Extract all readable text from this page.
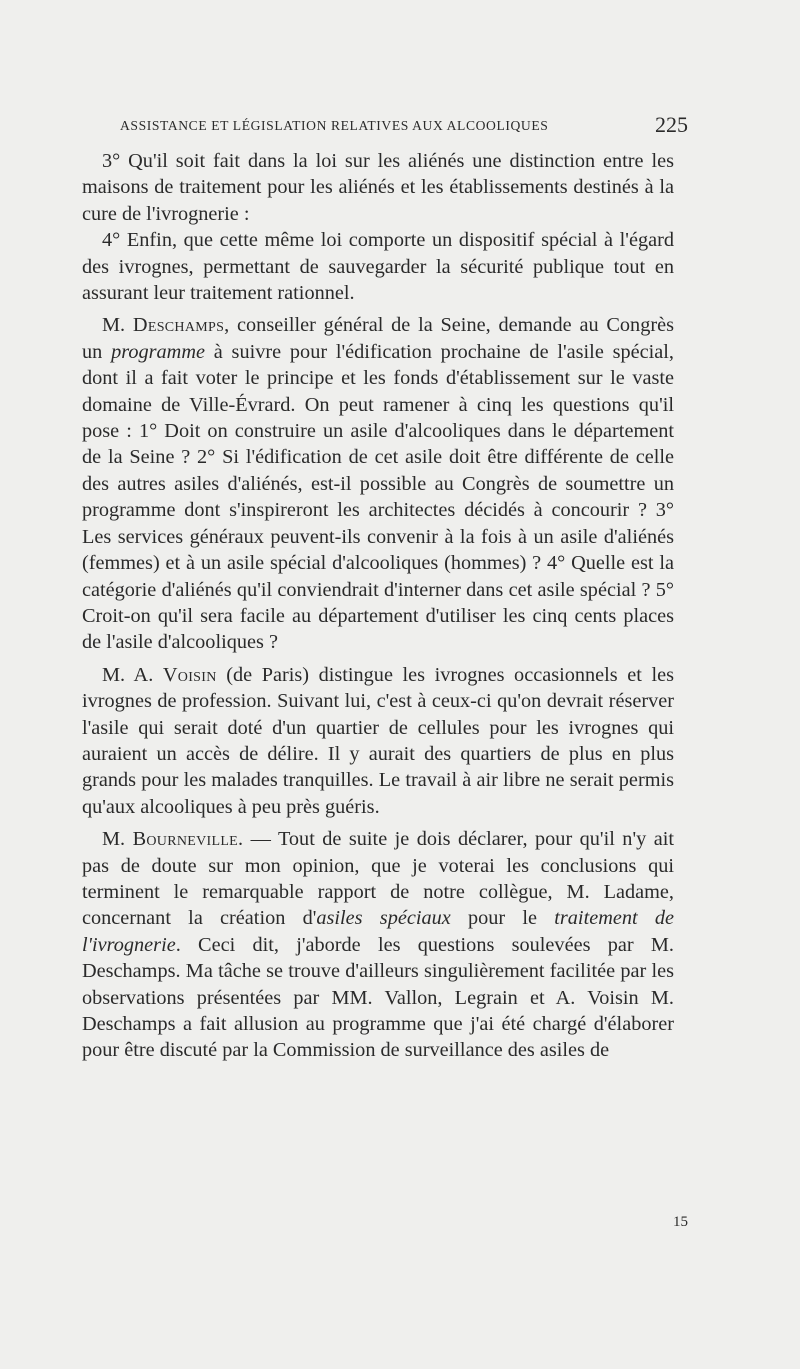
ASSISTANCE ET LÉGISLATION RELATIVES AUX ALCOOLIQUES	225

3° Qu'il soit fait dans la loi sur les aliénés une distinction entre les maisons de traitement pour les aliénés et les établissements destinés à la cure de l'ivrognerie :

4° Enfin, que cette même loi comporte un dispositif spécial à l'égard des ivrognes, permettant de sauvegarder la sécurité publique tout en assurant leur traitement rationnel.

M. Deschamps, conseiller général de la Seine, demande au Congrès un programme à suivre pour l'édification prochaine de l'asile spécial, dont il a fait voter le principe et les fonds d'établissement sur le vaste domaine de Ville-Évrard. On peut ramener à cinq les questions qu'il pose : 1° Doit on construire un asile d'alcooliques dans le département de la Seine ? 2° Si l'édification de cet asile doit être différente de celle des autres asiles d'aliénés, est-il possible au Congrès de soumettre un programme dont s'inspireront les architectes décidés à concourir ? 3° Les services généraux peuvent-ils convenir à la fois à un asile d'aliénés (femmes) et à un asile spécial d'alcooliques (hommes) ? 4° Quelle est la catégorie d'aliénés qu'il conviendrait d'interner dans cet asile spécial ? 5° Croit-on qu'il sera facile au département d'utiliser les cinq cents places de l'asile d'alcooliques ?

M. A. Voisin (de Paris) distingue les ivrognes occasionnels et les ivrognes de profession. Suivant lui, c'est à ceux-ci qu'on devrait réserver l'asile qui serait doté d'un quartier de cellules pour les ivrognes qui auraient un accès de délire. Il y aurait des quartiers de plus en plus grands pour les malades tranquilles. Le travail à air libre ne serait permis qu'aux alcooliques à peu près guéris.

M. Bourneville. — Tout de suite je dois déclarer, pour qu'il n'y ait pas de doute sur mon opinion, que je voterai les conclusions qui terminent le remarquable rapport de notre collègue, M. Ladame, concernant la création d'asiles spéciaux pour le traitement de l'ivrognerie. Ceci dit, j'aborde les questions soulevées par M. Deschamps. Ma tâche se trouve d'ailleurs singulièrement facilitée par les observations présentées par MM. Vallon, Legrain et A. Voisin M. Deschamps a fait allusion au programme que j'ai été chargé d'élaborer pour être discuté par la Commission de surveillance des asiles de

15
